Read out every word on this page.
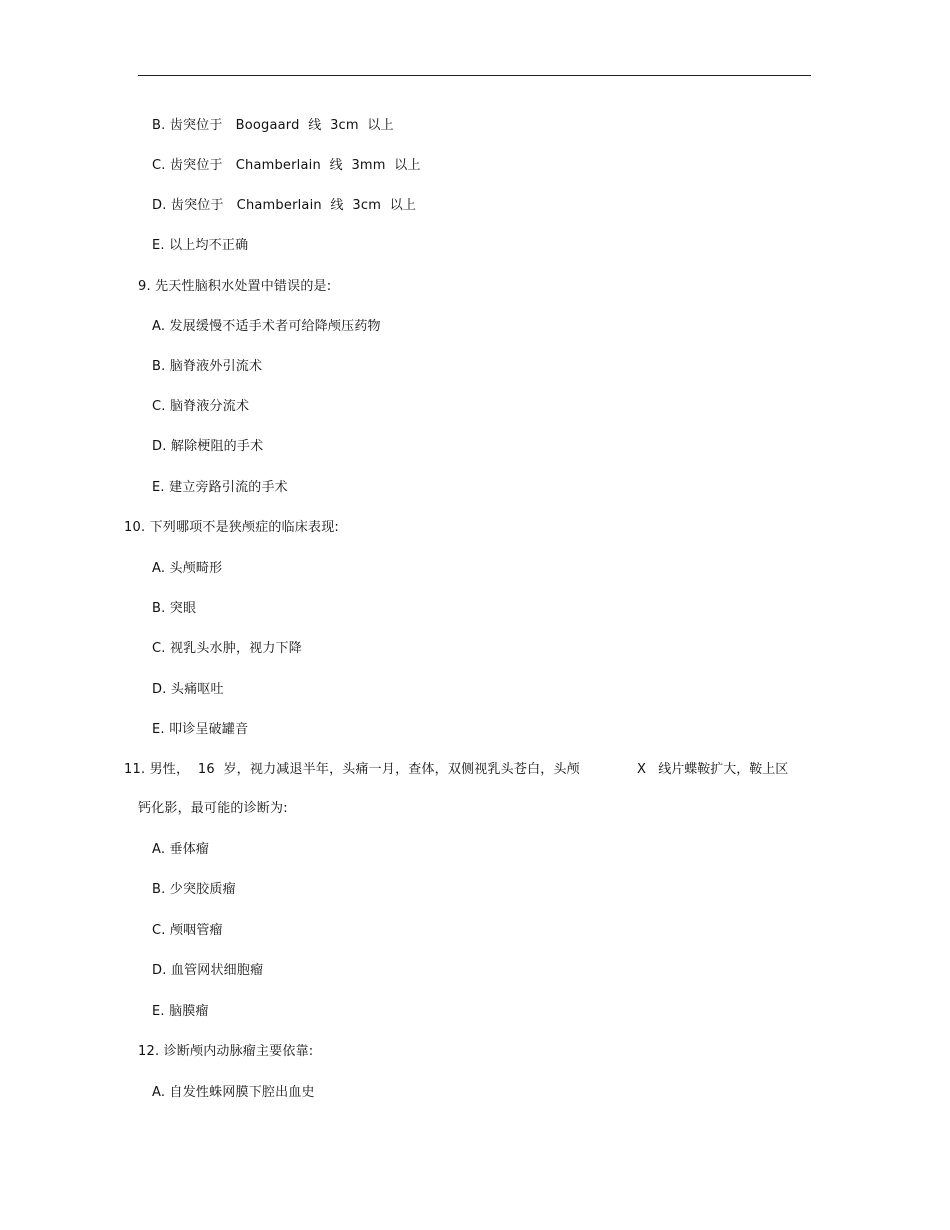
B. 齿突位于   Boogaard  线  3cm  以上
C. 齿突位于   Chamberlain  线  3mm  以上
D. 齿突位于   Chamberlain  线  3cm  以上
E. 以上均不正确
9. 先天性脑积水处置中错误的是:
A. 发展缓慢不适手术者可给降颅压药物
B. 脑脊液外引流术
C. 脑脊液分流术
D. 解除梗阻的手术
E. 建立旁路引流的手术
10. 下列哪项不是狭颅症的临床表现:
A. 头颅畸形
B. 突眼
C. 视乳头水肿，视力下降
D. 头痛呕吐
E. 叩诊呈破罐音
11. 男性，  16  岁，视力减退半年，头痛一月，查体，双侧视乳头苍白，头颅	X   线片蝶鞍扩大，鞍上区
钙化影，最可能的诊断为:
A. 垂体瘤
B. 少突胶质瘤
C. 颅咽管瘤
D. 血管网状细胞瘤
E. 脑膜瘤
12. 诊断颅内动脉瘤主要依靠:
A. 自发性蛛网膜下腔出血史
